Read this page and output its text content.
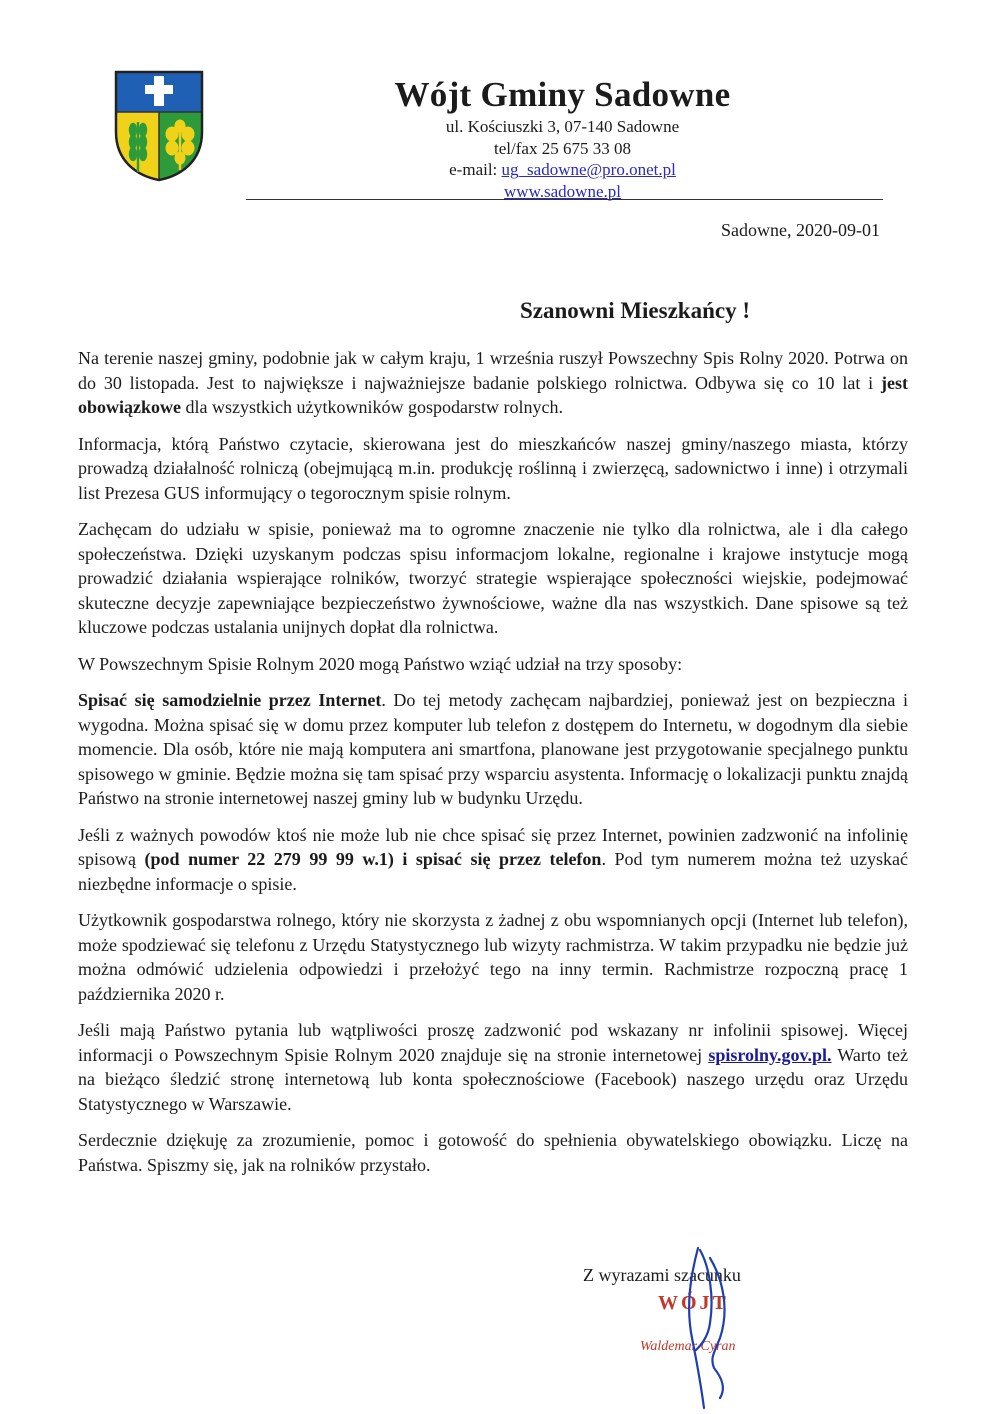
Wójt Gminy Sadowne
ul. Kościuszki 3, 07-140 Sadowne
tel/fax 25 675 33 08
e-mail: ug_sadowne@pro.onet.pl
www.sadowne.pl
Sadowne, 2020-09-01
Szanowni Mieszkańcy !

Na terenie naszej gminy, podobnie jak w całym kraju, 1 września ruszył Powszechny Spis Rolny 2020. Potrwa on do 30 listopada. Jest to największe i najważniejsze badanie polskiego rolnictwa. Odbywa się co 10 lat i jest obowiązkowe dla wszystkich użytkowników gospodarstw rolnych.

Informacja, którą Państwo czytacie, skierowana jest do mieszkańców naszej gminy/naszego miasta, którzy prowadzą działalność rolniczą (obejmującą m.in. produkcję roślinną i zwierzęcą, sadownictwo i inne) i otrzymali list Prezesa GUS informujący o tegorocznym spisie rolnym.

Zachęcam do udziału w spisie, ponieważ ma to ogromne znaczenie nie tylko dla rolnictwa, ale i dla całego społeczeństwa. Dzięki uzyskanym podczas spisu informacjom lokalne, regionalne i krajowe instytucje mogą prowadzić działania wspierające rolników, tworzyć strategie wspierające społeczności wiejskie, podejmować skuteczne decyzje zapewniające bezpieczeństwo żywnościowe, ważne dla nas wszystkich. Dane spisowe są też kluczowe podczas ustalania unijnych dopłat dla rolnictwa.

W Powszechnym Spisie Rolnym 2020 mogą Państwo wziąć udział na trzy sposoby:

Spisać się samodzielnie przez Internet. Do tej metody zachęcam najbardziej, ponieważ jest on bezpieczna i wygodna. Można spisać się w domu przez komputer lub telefon z dostępem do Internetu, w dogodnym dla siebie momencie. Dla osób, które nie mają komputera ani smartfona, planowane jest przygotowanie specjalnego punktu spisowego w gminie. Będzie można się tam spisać przy wsparciu asystenta. Informację o lokalizacji punktu znajdą Państwo na stronie internetowej naszej gminy lub w budynku Urzędu.

Jeśli z ważnych powodów ktoś nie może lub nie chce spisać się przez Internet, powinien zadzwonić na infolinię spisową (pod numer 22 279 99 99 w.1) i spisać się przez telefon. Pod tym numerem można też uzyskać niezbędne informacje o spisie.

Użytkownik gospodarstwa rolnego, który nie skorzysta z żadnej z obu wspomnianych opcji (Internet lub telefon), może spodziewać się telefonu z Urzędu Statystycznego lub wizyty rachmistrza. W takim przypadku nie będzie już można odmówić udzielenia odpowiedzi i przełożyć tego na inny termin. Rachmistrze rozpoczną pracę 1 października 2020 r.

Jeśli mają Państwo pytania lub wątpliwości proszę zadzwonić pod wskazany nr infolinii spisowej. Więcej informacji o Powszechnym Spisie Rolnym 2020 znajduje się na stronie internetowej spisrolny.gov.pl. Warto też na bieżąco śledzić stronę internetową lub konta społecznościowe (Facebook) naszego urzędu oraz Urzędu Statystycznego w Warszawie.

Serdecznie dziękuję za zrozumienie, pomoc i gotowość do spełnienia obywatelskiego obowiązku. Liczę na Państwa. Spiszmy się, jak na rolników przystało.

Z wyrazami szacunku
WÓJT
Waldemar Cyran
